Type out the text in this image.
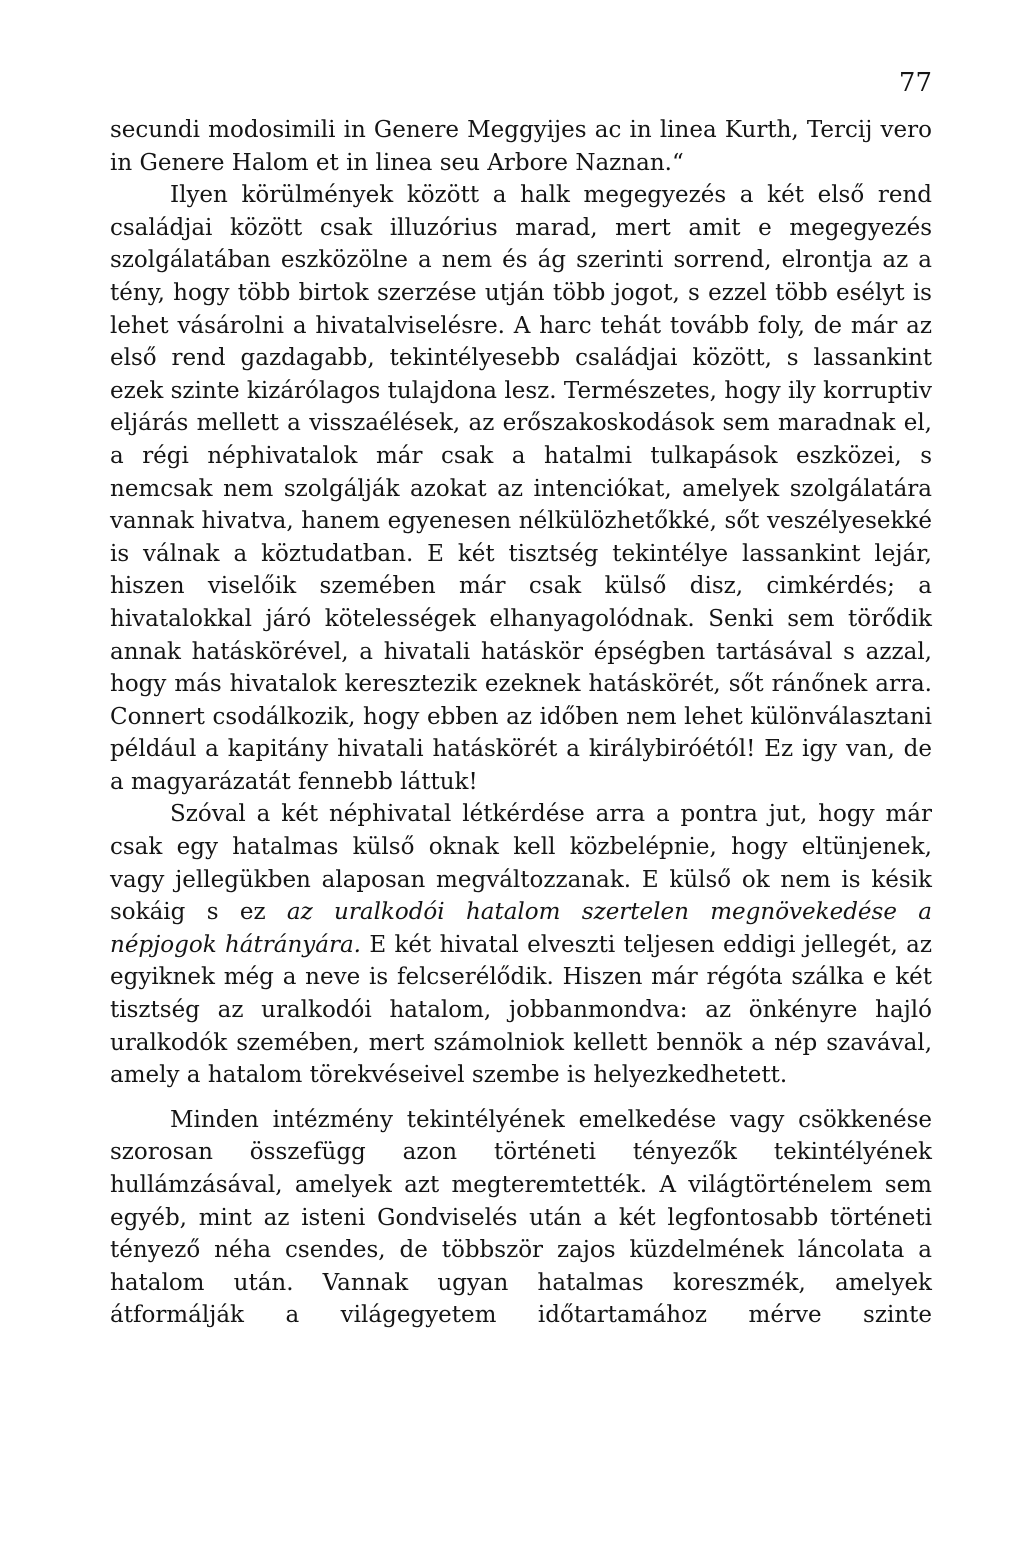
77

secundi modosimili in Genere Meggyijes ac in linea Kurth, Tercij vero in Genere Halom et in linea seu Arbore Naznan.“

Ilyen körülmények között a halk megegyezés a két első rend családjai között csak illuzórius marad, mert amit e megegyezés szolgálatában eszközölne a nem és ág szerinti sorrend, elrontja az a tény, hogy több birtok szerzése utján több jogot, s ezzel több esélyt is lehet vásárolni a hivatalviselésre. A harc tehát tovább foly, de már az első rend gazdagabb, tekintélyesebb családjai között, s lassankint ezek szinte kizárólagos tulajdona lesz. Természetes, hogy ily korruptiv eljárás mellett a visszaélések, az erőszakoskodások sem maradnak el, a régi néphivatalok már csak a hatalmi tulkapások eszközei, s nemcsak nem szolgálják azokat az intenciókat, amelyek szolgálatára vannak hivatva, hanem egyenesen nélkülözhetőkké, sőt veszélyesekké is válnak a köztudatban. E két tisztség tekintélye lassankint lejár, hiszen viselőik szemében már csak külső disz, cimkérdés; a hivatalokkal járó kötelességek elhanyagolódnak. Senki sem törődik annak hatáskörével, a hivatali hatáskör épségben tartásával s azzal, hogy más hivatalok keresztezik ezeknek hatáskörét, sőt ránőnek arra. Connert csodálkozik, hogy ebben az időben nem lehet különválasztani például a kapitány hivatali hatáskörét a királybiróétól! Ez igy van, de a magyarázatát fennebb láttuk!

Szóval a két néphivatal létkérdése arra a pontra jut, hogy már csak egy hatalmas külső oknak kell közbelépnie, hogy eltünjenek, vagy jellegükben alaposan megváltozzanak. E külső ok nem is késik sokáig s ez az uralkodói hatalom szertelen megnövekedése a népjogok hátrányára. E két hivatal elveszti teljesen eddigi jellegét, az egyiknek még a neve is felcserélődik. Hiszen már régóta szálka e két tisztség az uralkodói hatalom, jobbanmondva: az önkényre hajló uralkodók szemében, mert számolniok kellett bennök a nép szavával, amely a hatalom törekvéseivel szembe is helyezkedhetett.

Minden intézmény tekintélyének emelkedése vagy csökkenése szorosan összefügg azon történeti tényezők tekintélyének hullámzásával, amelyek azt megteremtették. A világtörténelem sem egyéb, mint az isteni Gondviselés után a két legfontosabb történeti tényező néha csendes, de többször zajos küzdelmének láncolata a hatalom után. Vannak ugyan hatalmas koreszmék, amelyek átformálják a világegyetem időtartamához mérve szinte
